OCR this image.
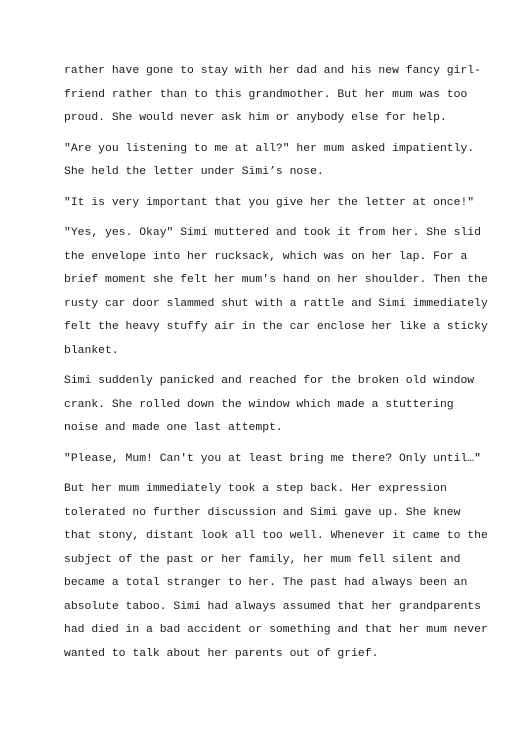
rather have gone to stay with her dad and his new fancy girl-
friend rather than to this grandmother. But her mum was too
proud. She would never ask him or anybody else for help.

"Are you listening to me at all?" her mum asked impatiently.
She held the letter under Simi’s nose.

"It is very important that you give her the letter at once!"

"Yes, yes. Okay" Simi muttered and took it from her. She slid
the envelope into her rucksack, which was on her lap. For a
brief moment she felt her mum's hand on her shoulder. Then the
rusty car door slammed shut with a rattle and Simi immediately
felt the heavy stuffy air in the car enclose her like a sticky
blanket.

Simi suddenly panicked and reached for the broken old window
crank. She rolled down the window which made a stuttering
noise and made one last attempt.

"Please, Mum! Can't you at least bring me there? Only until…"

But her mum immediately took a step back. Her expression
tolerated no further discussion and Simi gave up. She knew
that stony, distant look all too well. Whenever it came to the
subject of the past or her family, her mum fell silent and
became a total stranger to her. The past had always been an
absolute taboo. Simi had always assumed that her grandparents
had died in a bad accident or something and that her mum never
wanted to talk about her parents out of grief.
